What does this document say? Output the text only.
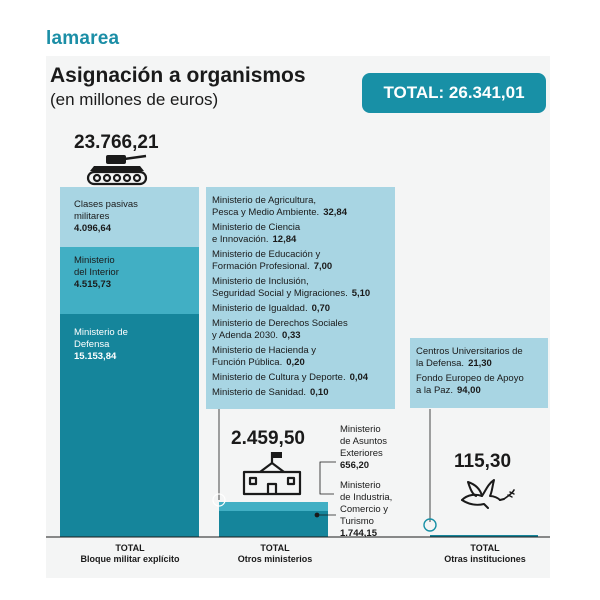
lamarea
Asignación a organismos
(en millones de euros)	TOTAL: 26.341,01
23.766,21
Clases pasivas
militares
4.096,64
Ministerio
del Interior
4.515,73
Ministerio de
Defensa
15.153,84
Ministerio de Agricultura,
Pesca y Medio Ambiente. 32,84
Ministerio de Ciencia
e Innovación. 12,84
Ministerio de Educación y
Formación Profesional. 7,00
Ministerio de Inclusión,
Seguridad Social y Migraciones. 5,10
Ministerio de Igualdad. 0,70
Ministerio de Derechos Sociales
y Adenda 2030. 0,33
Ministerio de Hacienda y
Función Pública. 0,20
Ministerio de Cultura y Deporte. 0,04
Ministerio de Sanidad. 0,10
2.459,50	Ministerio
de Asuntos
Exteriores
656,20
Ministerio
de Industria,
Comercio y
Turismo
1.744,15
Centros Universitarios de
la Defensa. 21,30
Fondo Europeo de Apoyo
a la Paz. 94,00
115,30
TOTAL
Bloque militar explícito
TOTAL
Otros ministerios
TOTAL
Otras instituciones
